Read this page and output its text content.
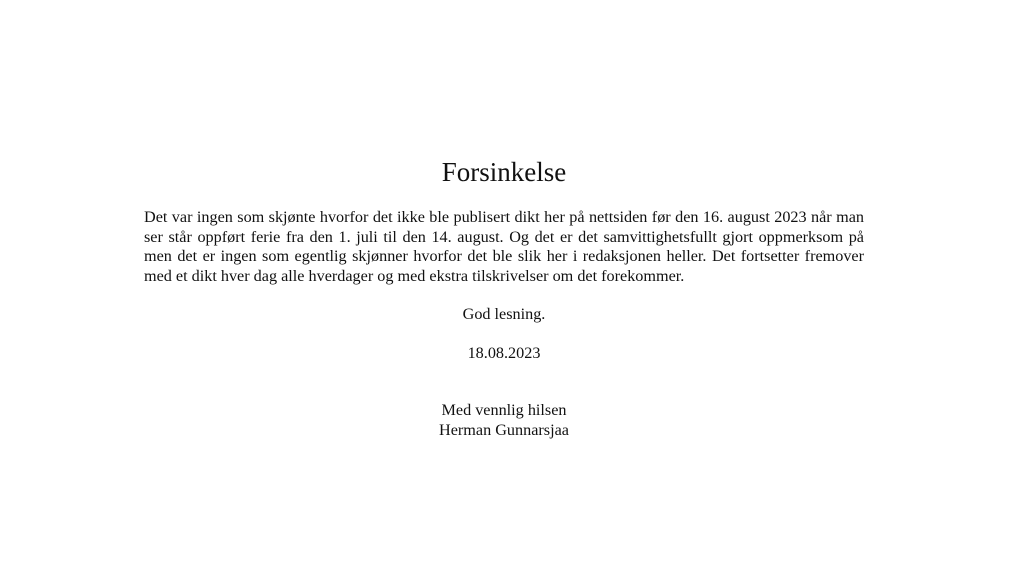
Forsinkelse

Det var ingen som skjønte hvorfor det ikke ble publisert dikt her på nettsiden før den 16. august 2023 når man ser står oppført ferie fra den 1. juli til den 14. august. Og det er det samvittighetsfullt gjort oppmerksom på men det er ingen som egentlig skjønner hvorfor det ble slik her i redaksjonen heller. Det fortsetter fremover med et dikt hver dag alle hverdager og med ekstra tilskrivelser om det forekommer.

God lesning.

18.08.2023

Med vennlig hilsen

Herman Gunnarsjaa
